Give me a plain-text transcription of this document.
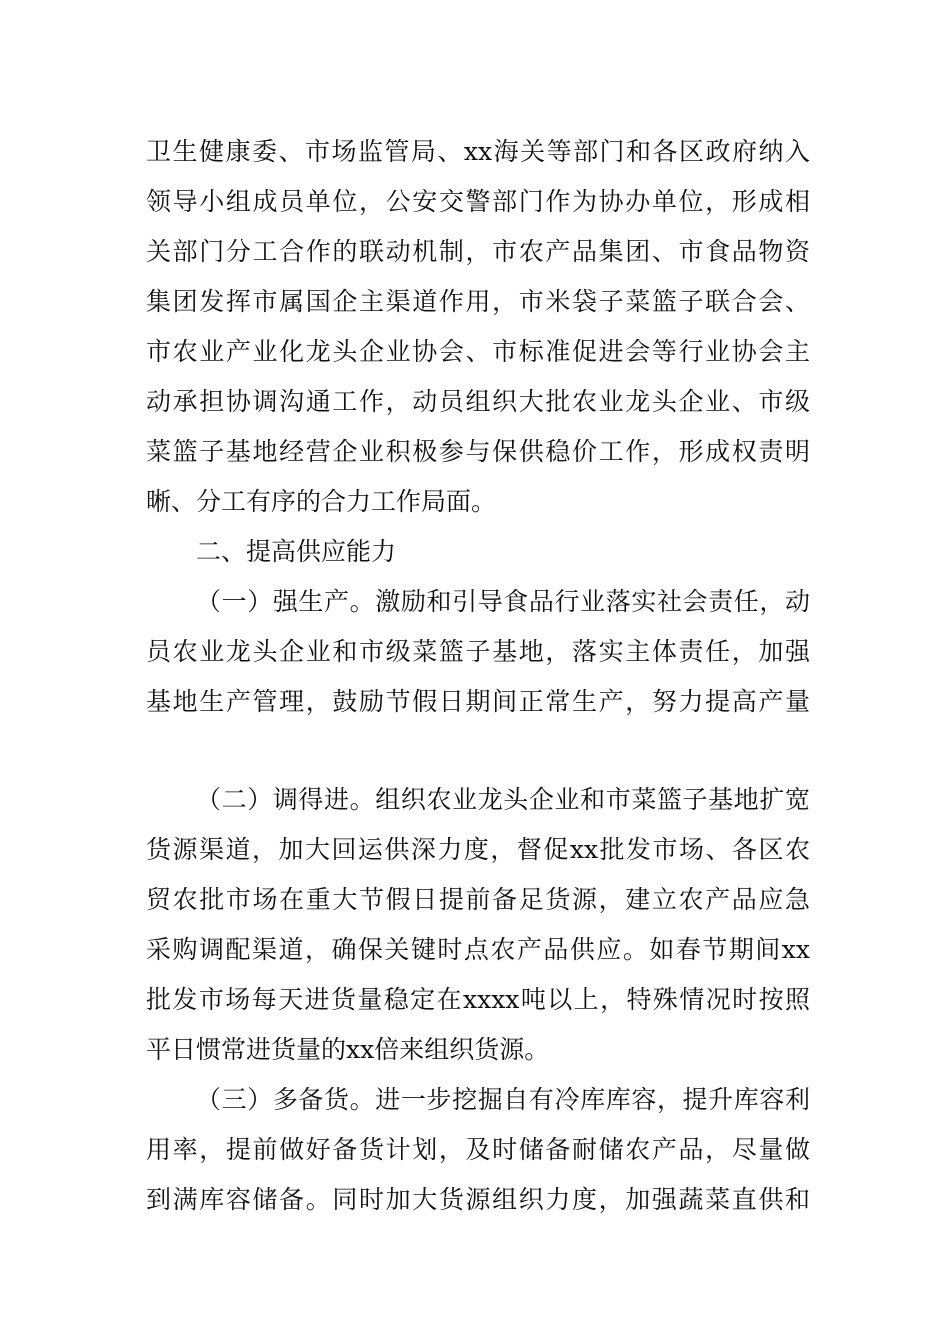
卫生健康委、市场监管局、xx海关等部门和各区政府纳入
领导小组成员单位，公安交警部门作为协办单位，形成相
关部门分工合作的联动机制，市农产品集团、市食品物资
集团发挥市属国企主渠道作用，市米袋子菜篮子联合会、
市农业产业化龙头企业协会、市标准促进会等行业协会主
动承担协调沟通工作，动员组织大批农业龙头企业、市级
菜篮子基地经营企业积极参与保供稳价工作，形成权责明
晰、分工有序的合力工作局面。
二、提高供应能力
（一）强生产。激励和引导食品行业落实社会责任，动
员农业龙头企业和市级菜篮子基地，落实主体责任，加强
基地生产管理，鼓励节假日期间正常生产，努力提高产量
（二）调得进。组织农业龙头企业和市菜篮子基地扩宽
货源渠道，加大回运供深力度，督促xx批发市场、各区农
贸农批市场在重大节假日提前备足货源，建立农产品应急
采购调配渠道，确保关键时点农产品供应。如春节期间xx
批发市场每天进货量稳定在xxxx吨以上，特殊情况时按照
平日惯常进货量的xx倍来组织货源。
（三）多备货。进一步挖掘自有冷库库容，提升库容利
用率，提前做好备货计划，及时储备耐储农产品，尽量做
到满库容储备。同时加大货源组织力度，加强蔬菜直供和
